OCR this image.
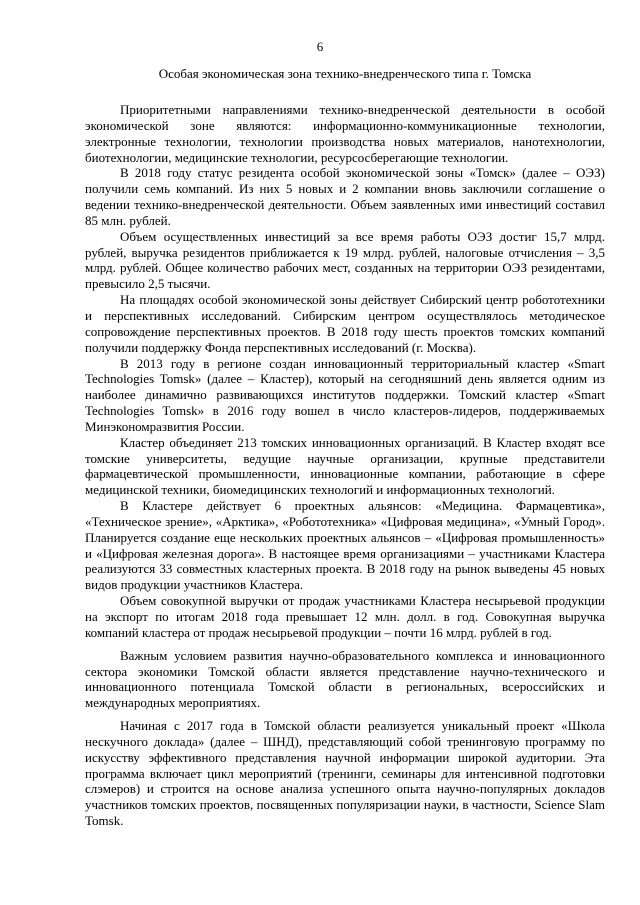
6
Особая экономическая зона технико-внедренческого типа г. Томска

Приоритетными направлениями технико-внедренческой деятельности в особой экономической зоне являются: информационно-коммуникационные технологии, электронные технологии, технологии производства новых материалов, нанотехнологии, биотехнологии, медицинские технологии, ресурсосберегающие технологии.

В 2018 году статус резидента особой экономической зоны «Томск» (далее – ОЭЗ) получили семь компаний. Из них 5 новых и 2 компании вновь заключили соглашение о ведении технико-внедренческой деятельности. Объем заявленных ими инвестиций составил 85 млн. рублей.

Объем осуществленных инвестиций за все время работы ОЭЗ достиг 15,7 млрд. рублей, выручка резидентов приближается к 19 млрд. рублей, налоговые отчисления – 3,5 млрд. рублей. Общее количество рабочих мест, созданных на территории ОЭЗ резидентами, превысило 2,5 тысячи.

На площадях особой экономической зоны действует Сибирский центр робототехники и перспективных исследований. Сибирским центром осуществлялось методическое сопровождение перспективных проектов. В 2018 году шесть проектов томских компаний получили поддержку Фонда перспективных исследований (г. Москва).

В 2013 году в регионе создан инновационный территориальный кластер «Smart Technologies Tomsk» (далее – Кластер), который на сегодняшний день является одним из наиболее динамично развивающихся институтов поддержки. Томский кластер «Smart Technologies Tomsk» в 2016 году вошел в число кластеров-лидеров, поддерживаемых Минэкономразвития России.

Кластер объединяет 213 томских инновационных организаций. В Кластер входят все томские университеты, ведущие научные организации, крупные представители фармацевтической промышленности, инновационные компании, работающие в сфере медицинской техники, биомедицинских технологий и информационных технологий.

В Кластере действует 6 проектных альянсов: «Медицина. Фармацевтика», «Техническое зрение», «Арктика», «Робототехника» «Цифровая медицина», «Умный Город». Планируется создание еще нескольких проектных альянсов – «Цифровая промышленность» и «Цифровая железная дорога». В настоящее время организациями – участниками Кластера реализуются 33 совместных кластерных проекта. В 2018 году на рынок выведены 45 новых видов продукции участников Кластера.

Объем совокупной выручки от продаж участниками Кластера несырьевой продукции на экспорт по итогам 2018 года превышает 12 млн. долл. в год. Совокупная выручка компаний кластера от продаж несырьевой продукции – почти 16 млрд. рублей в год.

Важным условием развития научно-образовательного комплекса и инновационного сектора экономики Томской области является представление научно-технического и инновационного потенциала Томской области в региональных, всероссийских и международных мероприятиях.

Начиная с 2017 года в Томской области реализуется уникальный проект «Школа нескучного доклада» (далее – ШНД), представляющий собой тренинговую программу по искусству эффективного представления научной информации широкой аудитории. Эта программа включает цикл мероприятий (тренинги, семинары для интенсивной подготовки слэмеров) и строится на основе анализа успешного опыта научно-популярных докладов участников томских проектов, посвященных популяризации науки, в частности, Science Slam Tomsk.
